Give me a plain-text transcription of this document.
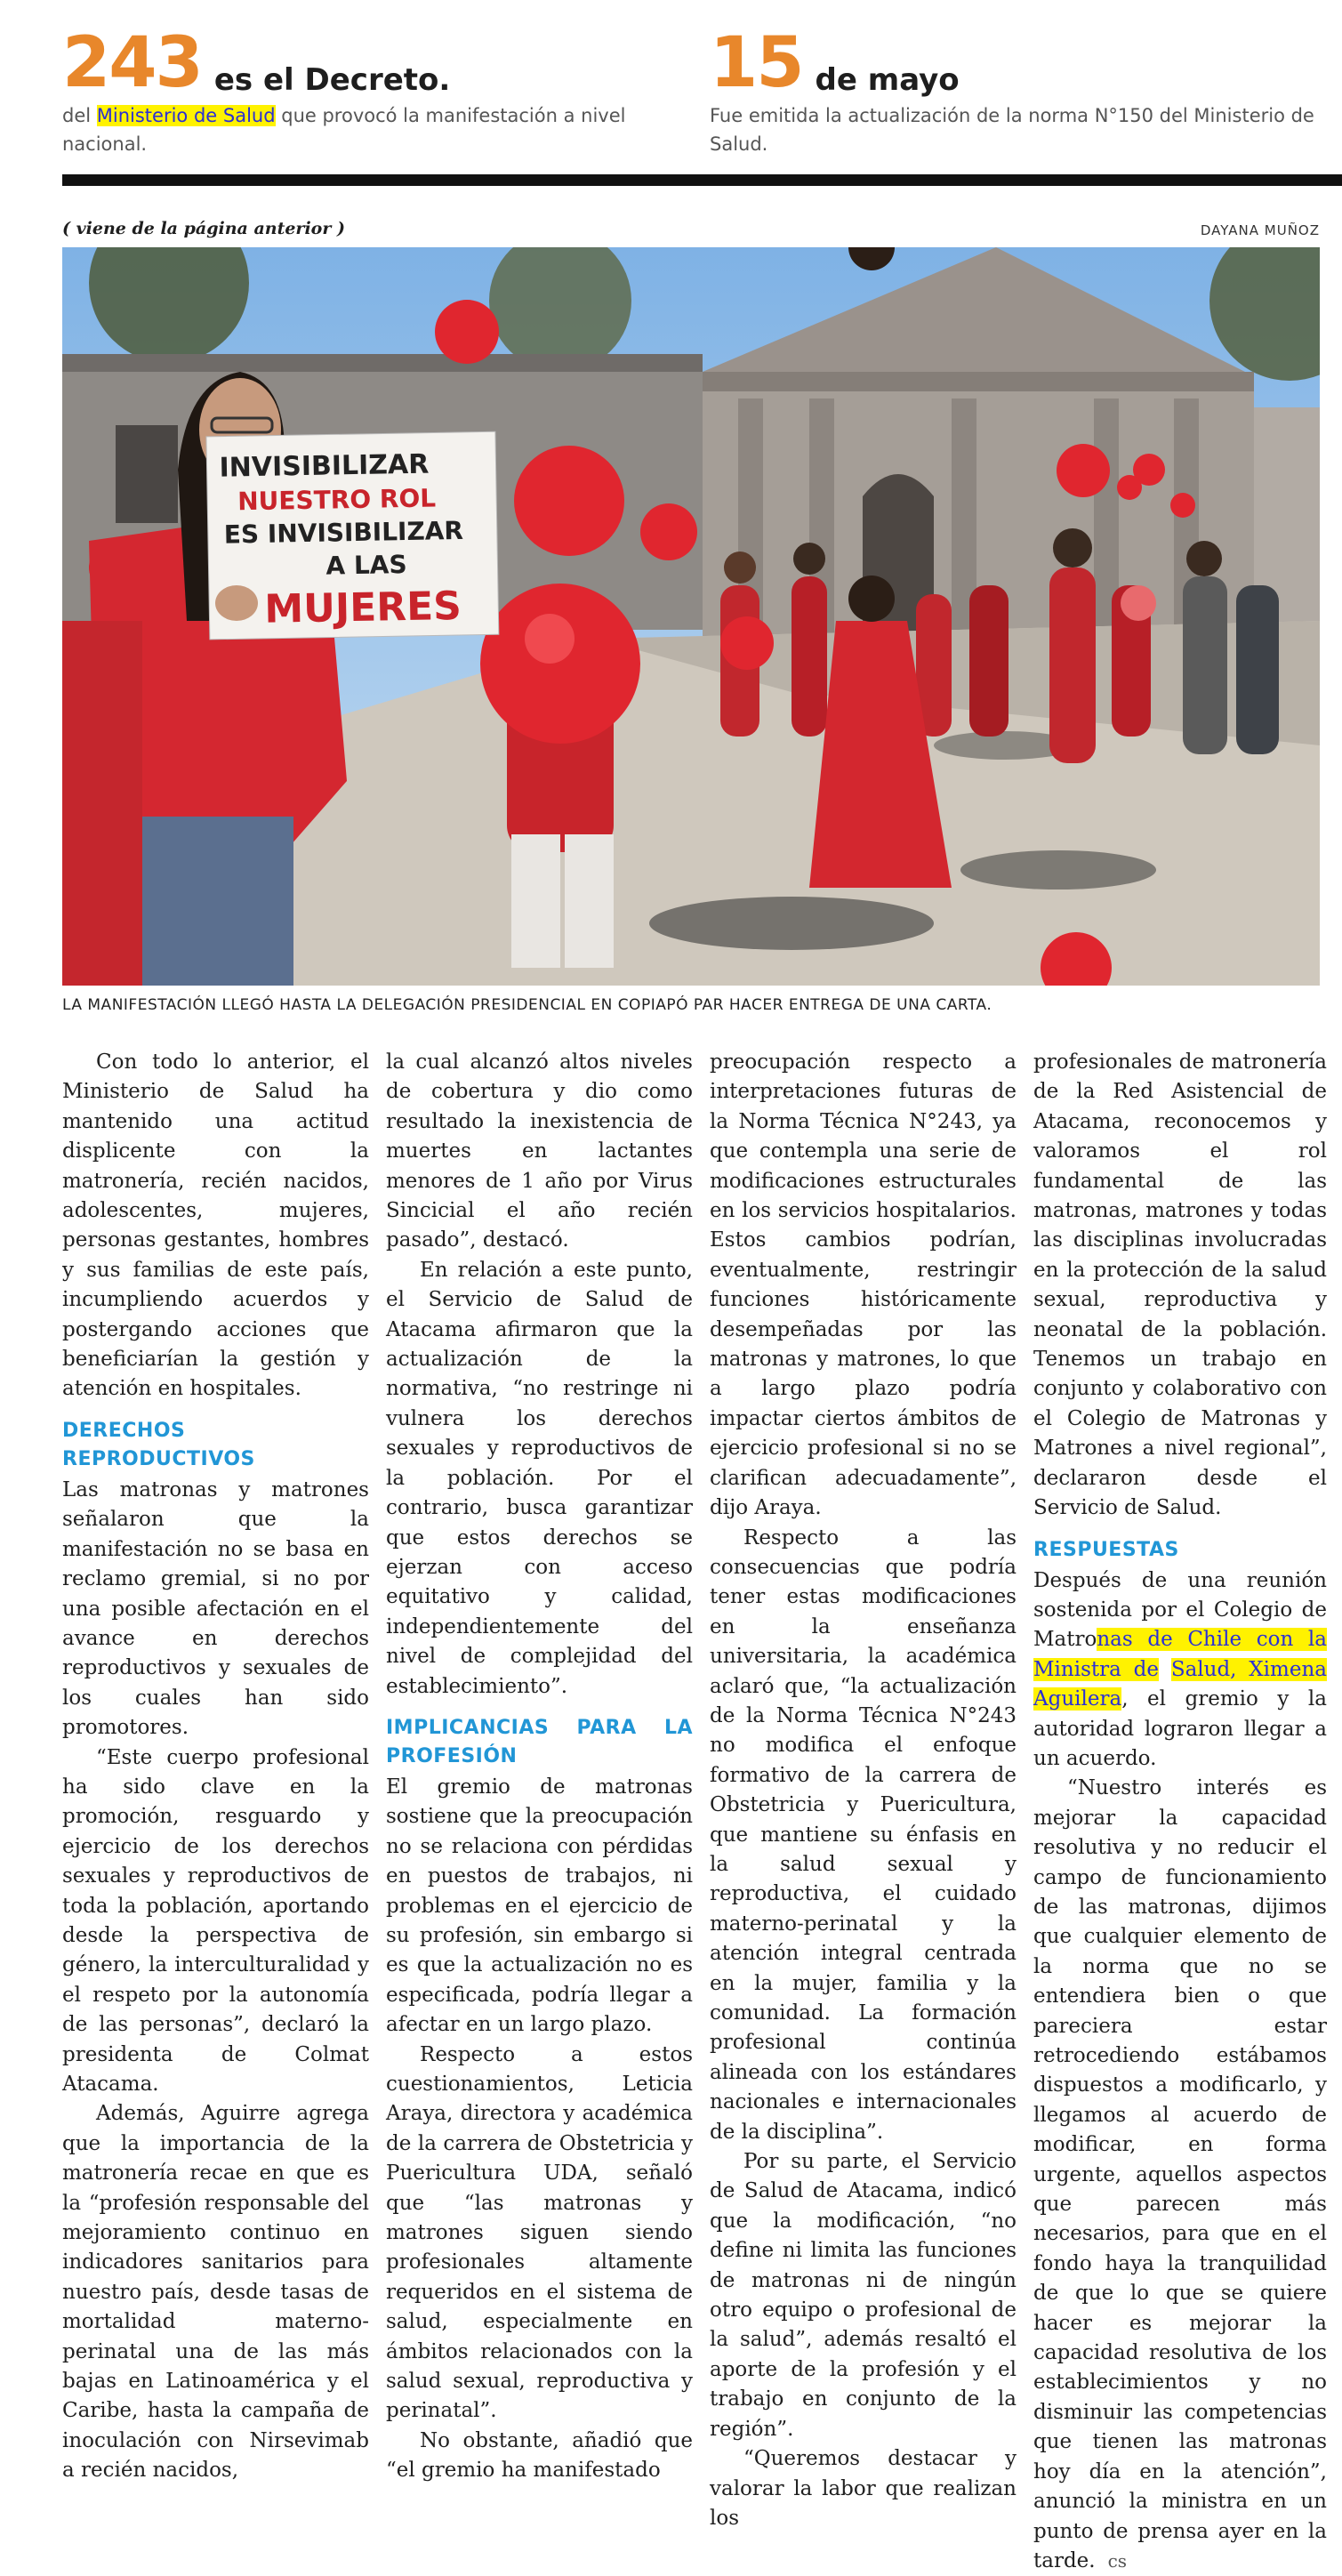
243 es el Decreto.
del Ministerio de Salud que provocó la manifestación a nivel nacional.
15 de mayo
Fue emitida la actualización de la norma N°150 del Ministerio de Salud.
( viene de la página anterior )	DAYANA MUÑOZ
INVISIBILIZAR
NUESTRO ROL
ES INVISIBILIZAR
A LAS
MUJERES
LA MANIFESTACIÓN LLEGÓ HASTA LA DELEGACIÓN PRESIDENCIAL EN COPIAPÓ PAR HACER ENTREGA DE UNA CARTA.

Con todo lo anterior, el Ministerio de Salud ha mantenido una actitud displicente con la matronería, recién nacidos, adolescentes, mujeres, personas gestantes, hombres y sus familias de este país, incumpliendo acuerdos y postergando acciones que beneficiarían la gestión y atención en hospitales.

DERECHOS REPRODUCTIVOS

Las matronas y matrones señalaron que la manifestación no se basa en reclamo gremial, si no por una posible afectación en el avance en derechos reproductivos y sexuales de los cuales han sido promotores.

“Este cuerpo profesional ha sido clave en la promoción, resguardo y ejercicio de los derechos sexuales y reproductivos de toda la población, aportando desde la perspectiva de género, la interculturalidad y el respeto por la autonomía de las personas”, declaró la presidenta de Colmat Atacama.

Además, Aguirre agrega que la importancia de la matronería recae en que es la “profesión responsable del mejoramiento continuo en indicadores sanitarios para nuestro país, desde tasas de mortalidad materno-perinatal una de las más bajas en Latinoamérica y el Caribe, hasta la campaña de inoculación con Nirsevimab a recién nacidos,

la cual alcanzó altos niveles de cobertura y dio como resultado la inexistencia de muertes en lactantes menores de 1 año por Virus Sincicial el año recién pasado”, destacó.

En relación a este punto, el Servicio de Salud de Atacama afirmaron que la actualización de la normativa, “no restringe ni vulnera los derechos sexuales y reproductivos de la población. Por el contrario, busca garantizar que estos derechos se ejerzan con acceso equitativo y calidad, independientemente del nivel de complejidad del establecimiento”.

IMPLICANCIAS PARA LA PROFESIÓN

El gremio de matronas sostiene que la preocupación no se relaciona con pérdidas en puestos de trabajos, ni problemas en el ejercicio de su profesión, sin embargo si es que la actualización no es especificada, podría llegar a afectar en un largo plazo.

Respecto a estos cuestionamientos, Leticia Araya, directora y académica de la carrera de Obstetricia y Puericultura UDA, señaló que “las matronas y matrones siguen siendo profesionales altamente requeridos en el sistema de salud, especialmente en ámbitos relacionados con la salud sexual, reproductiva y perinatal”.

No obstante, añadió que “el gremio ha manifestado

preocupación respecto a interpretaciones futuras de la Norma Técnica N°243, ya que contempla una serie de modificaciones estructurales en los servicios hospitalarios. Estos cambios podrían, eventualmente, restringir funciones históricamente desempeñadas por las matronas y matrones, lo que a largo plazo podría impactar ciertos ámbitos de ejercicio profesional si no se clarifican adecuadamente”, dijo Araya.

Respecto a las consecuencias que podría tener estas modificaciones en la enseñanza universitaria, la académica aclaró que, “la actualización de la Norma Técnica N°243 no modifica el enfoque formativo de la carrera de Obstetricia y Puericultura, que mantiene su énfasis en la salud sexual y reproductiva, el cuidado materno-perinatal y la atención integral centrada en la mujer, familia y la comunidad. La formación profesional continúa alineada con los estándares nacionales e internacionales de la disciplina”.

Por su parte, el Servicio de Salud de Atacama, indicó que la modificación, “no define ni limita las funciones de matronas ni de ningún otro equipo o profesional de la salud”, además resaltó el aporte de la profesión y el trabajo en conjunto de la región”.

“Queremos destacar y valorar la labor que realizan los

profesionales de matronería de la Red Asistencial de Atacama, reconocemos y valoramos el rol fundamental de las matronas, matrones y todas las disciplinas involucradas en la protección de la salud sexual, reproductiva y neonatal de la población. Tenemos un trabajo en conjunto y colaborativo con el Colegio de Matronas y Matrones a nivel regional”, declararon desde el Servicio de Salud.

RESPUESTAS

Después de una reunión sostenida por el Colegio de Matronas de Chile con la Ministra de Salud, Ximena Aguilera, el gremio y la autoridad lograron llegar a un acuerdo.

“Nuestro interés es mejorar la capacidad resolutiva y no reducir el campo de funcionamiento de las matronas, dijimos que cualquier elemento de la norma que no se entendiera bien o que pareciera estar retrocediendo estábamos dispuestos a modificarlo, y llegamos al acuerdo de modificar, en forma urgente, aquellos aspectos que parecen más necesarios, para que en el fondo haya la tranquilidad de que lo que se quiere hacer es mejorar la capacidad resolutiva de los establecimientos y no disminuir las competencias que tienen las matronas hoy día en la atención”, anunció la ministra en un punto de prensa ayer en la tarde. cs
